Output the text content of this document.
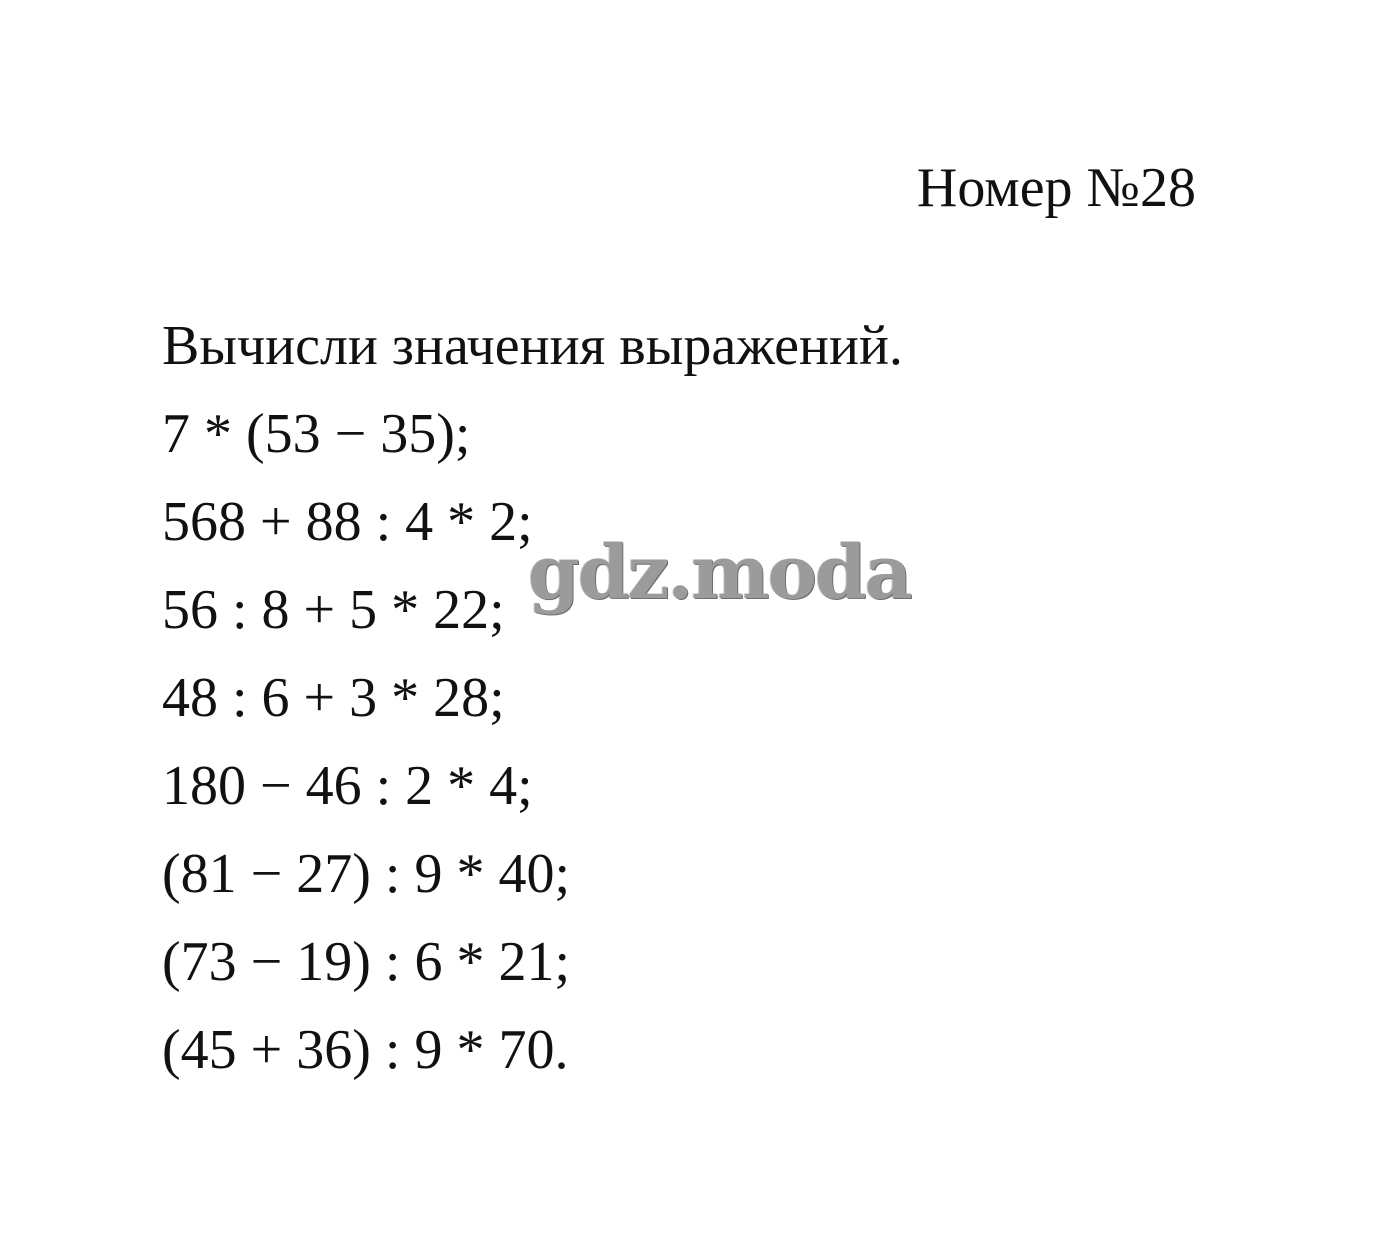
Номер №28
Вычисли значения выражений.
7 * (53 − 35);
568 + 88 : 4 * 2;
56 : 8 + 5 * 22;
48 : 6 + 3 * 28;
180 − 46 : 2 * 4;
(81 − 27) : 9 * 40;
(73 − 19) : 6 * 21;
(45 + 36) : 9 * 70.
gdz.moda
